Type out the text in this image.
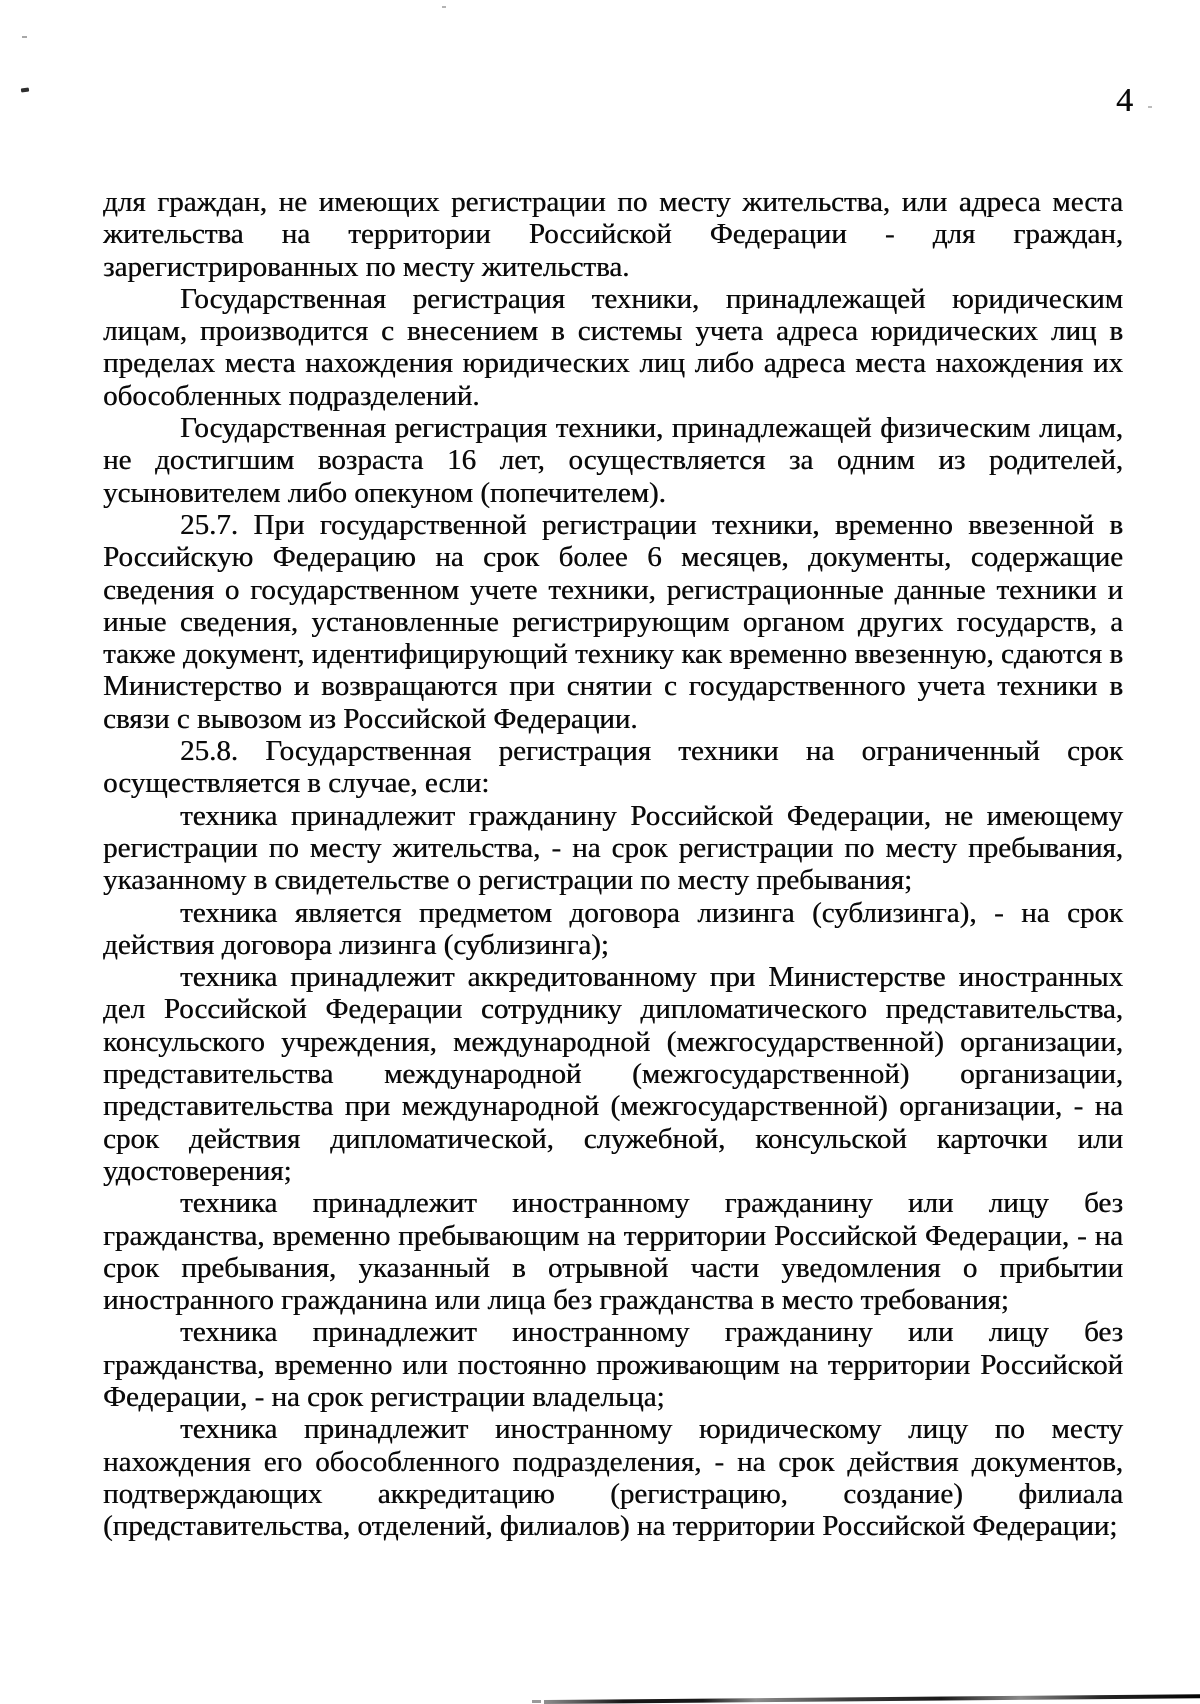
4

для граждан, не имеющих регистрации по месту жительства, или адреса места жительства на территории Российской Федерации - для граждан, зарегистрированных по месту жительства.

Государственная регистрация техники, принадлежащей юридическим лицам, производится с внесением в системы учета адреса юридических лиц в пределах места нахождения юридических лиц либо адреса места нахождения их обособленных подразделений.

Государственная регистрация техники, принадлежащей физическим лицам, не достигшим возраста 16 лет, осуществляется за одним из родителей, усыновителем либо опекуном (попечителем).

25.7. При государственной регистрации техники, временно ввезенной в Российскую Федерацию на срок более 6 месяцев, документы, содержащие сведения о государственном учете техники, регистрационные данные техники и иные сведения, установленные регистрирующим органом других государств, а также документ, идентифицирующий технику как временно ввезенную, сдаются в Министерство и возвращаются при снятии с государственного учета техники в связи с вывозом из Российской Федерации.

25.8. Государственная регистрация техники на ограниченный срок осуществляется в случае, если:

техника принадлежит гражданину Российской Федерации, не имеющему регистрации по месту жительства, - на срок регистрации по месту пребывания, указанному в свидетельстве о регистрации по месту пребывания;

техника является предметом договора лизинга (сублизинга), - на срок действия договора лизинга (сублизинга);

техника принадлежит аккредитованному при Министерстве иностранных дел Российской Федерации сотруднику дипломатического представительства, консульского учреждения, международной (межгосударственной) организации, представительства международной (межгосударственной) организации, представительства при международной (межгосударственной) организации, - на срок действия дипломатической, служебной, консульской карточки или удостоверения;

техника принадлежит иностранному гражданину или лицу без гражданства, временно пребывающим на территории Российской Федерации, - на срок пребывания, указанный в отрывной части уведомления о прибытии иностранного гражданина или лица без гражданства в место требования;

техника принадлежит иностранному гражданину или лицу без гражданства, временно или постоянно проживающим на территории Российской Федерации, - на срок регистрации владельца;

техника принадлежит иностранному юридическому лицу по месту нахождения его обособленного подразделения, - на срок действия документов, подтверждающих аккредитацию (регистрацию, создание) филиала (представительства, отделений, филиалов) на территории Российской Федерации;
